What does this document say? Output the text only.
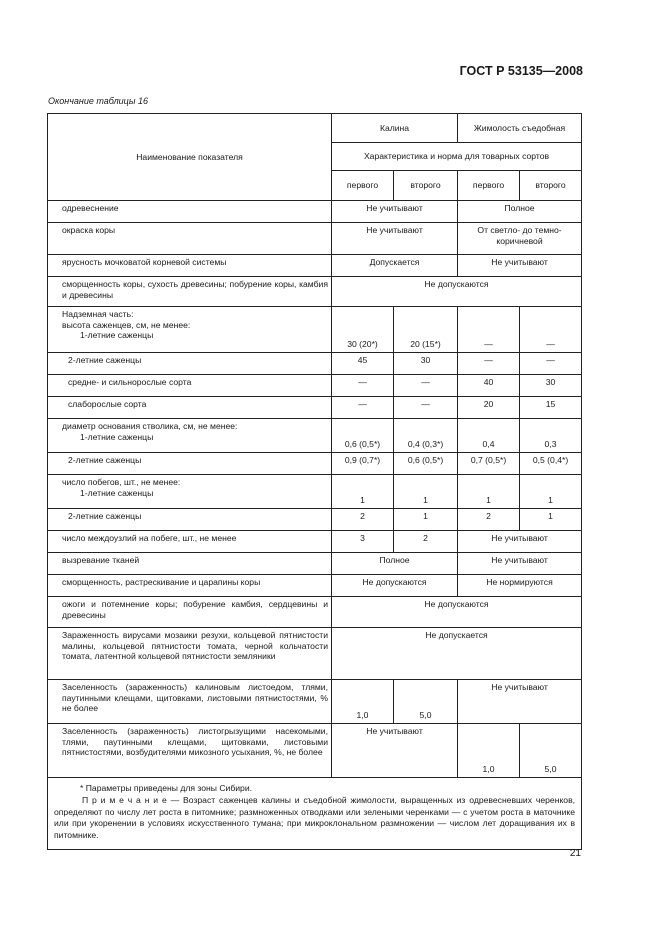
ГОСТ Р 53135—2008
Окончание таблицы 16
Наименование показателя	Калина		Жимолость съедобная	
	Характеристика и норма для товарных сортов			
	первого	второго	первого	второго
одревеснение	Не учитывают		Полное	
окраска коры	Не учитывают		От светло- до темно-коричневой	
ярусность мочковатой корневой системы	Допускается		Не учитывают	
сморщенность коры, сухость древесины; побурение коры, камбия и древесины	Не допускаются			

Надземная часть:
высота саженцев, см, не менее:
1-летние саженцы	30 (20*)	20 (15*)	—	—
2-летние саженцы	45	30	—	—
средне- и сильнорослые сорта	—	—	40	30
слаборослые сорта	—	—	20	15

диаметр основания стволика, см, не менее:
1-летние саженцы	0,6 (0,5*)	0,4 (0,3*)	0,4	0,3
2-летние саженцы	0,9 (0,7*)	0,6 (0,5*)	0,7 (0,5*)	0,5 (0,4*)

число побегов, шт., не менее:
1-летние саженцы	1	1	1	1
2-летние саженцы	2	1	2	1
число междоузлий на побеге, шт., не менее	3	2	Не учитывают	
вызревание тканей	Полное		Не учитывают	
сморщенность, растрескивание и царапины коры	Не допускаются		Не нормируются	
ожоги и потемнение коры; побурение камбия, сердцевины и древесины	Не допускаются			
Зараженность вирусами мозаики резухи, кольцевой пятнистости малины, кольцевой пятнистости томата, черной кольчатости томата, латентной кольцевой пятнистости земляники	Не допускается			
Заселенность (зараженность) калиновым листоедом, тлями, паутинными клещами, щитовками, листовыми пятнистостями, % не более	1,0	5,0	Не учитывают	
Заселенность (зараженность) листогрызущими насекомыми, тлями, паутинными клещами, щитовками, листовыми пятнистостями, возбудителями микозного усыхания, %, не более	Не учитывают		1,0	5,0

* Параметры приведены для зоны Сибири.
П р и м е ч а н и е — Возраст саженцев калины и съедобной жимолости, выращенных из одревесневших черенков, определяют по числу лет роста в питомнике; размноженных отводками или зелеными черенками — с учетом роста в маточнике или при укоренении в условиях искусственного тумана; при микроклональном размножении — числом лет доращивания их в питомнике.				
21
